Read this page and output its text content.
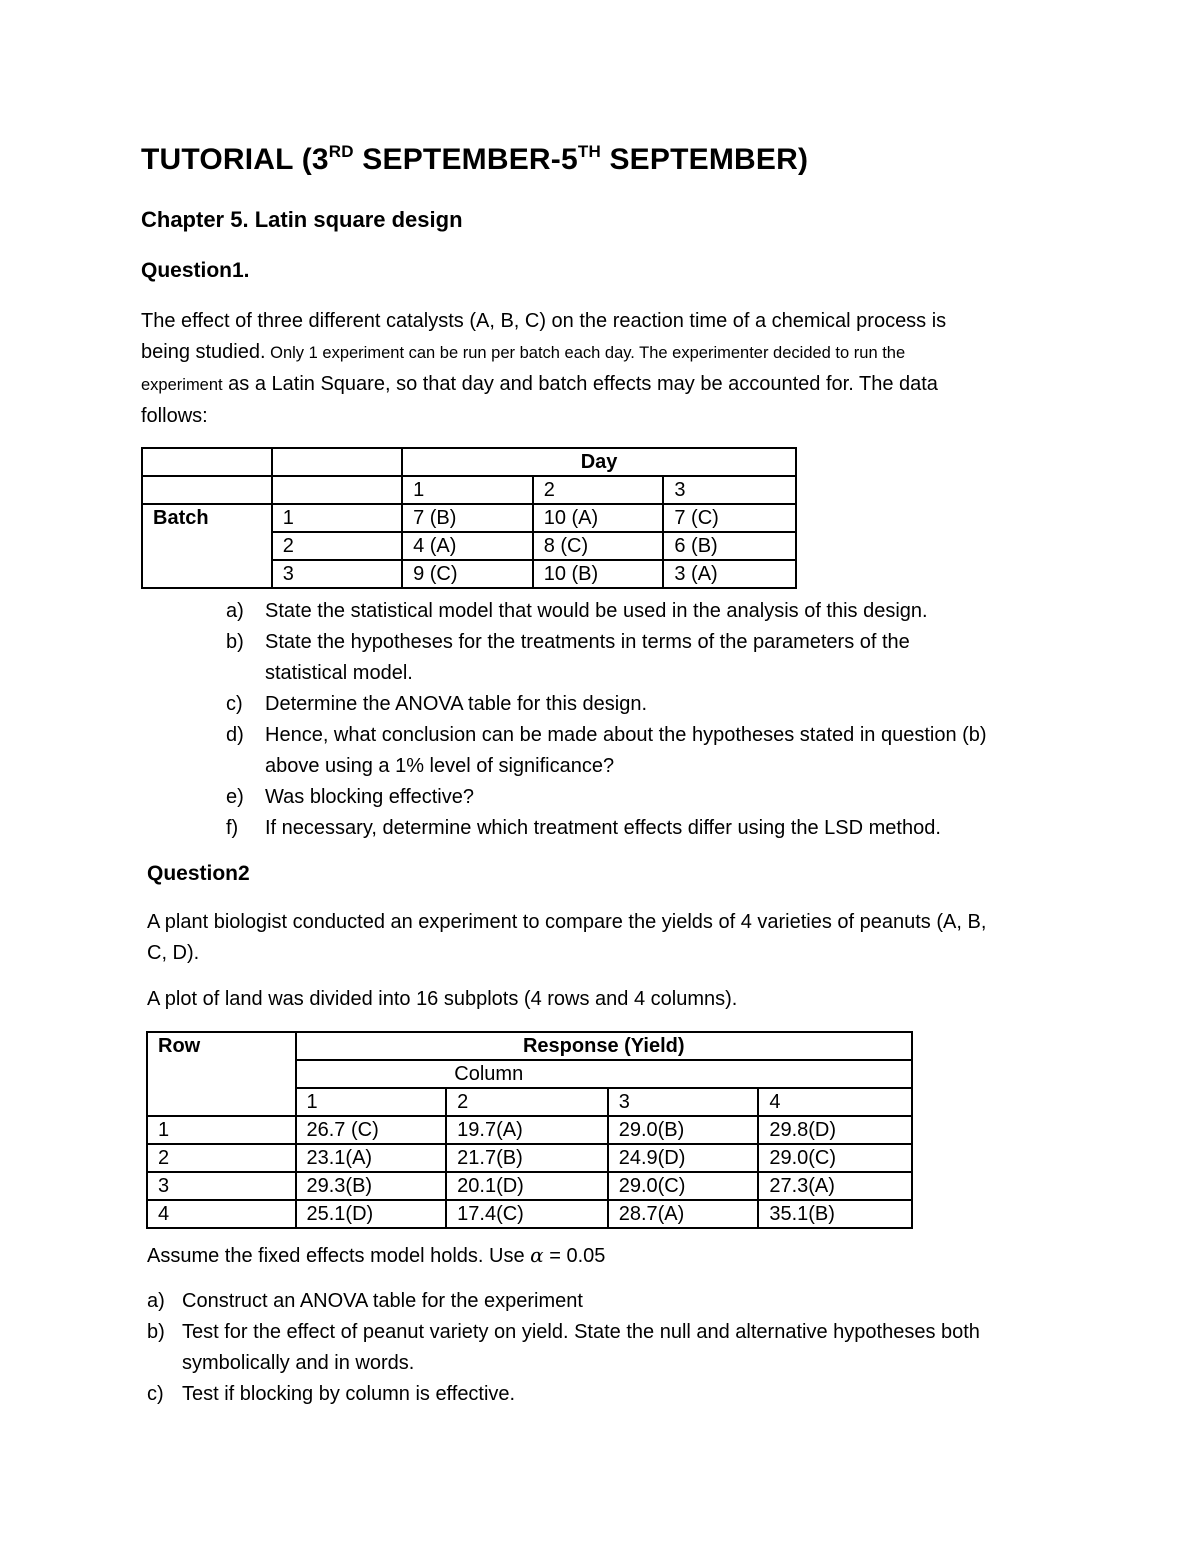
TUTORIAL (3RD SEPTEMBER-5TH SEPTEMBER)
Chapter 5. Latin square design
Question1.
The effect of three different catalysts (A, B, C) on the reaction time of a chemical process is
being studied. Only 1 experiment can be run per batch each day. The experimenter decided to run the
experiment as a Latin Square, so that day and batch effects may be accounted for. The data
follows:
		Day		
		1	2	3
Batch	1	7 (B)	10 (A)	7 (C)
	2	4 (A)	8 (C)	6 (B)
	3	9 (C)	10 (B)	3 (A)
a) State the statistical model that would be used in the analysis of this design.
b) State the hypotheses for the treatments in terms of the parameters of the
statistical model.
c) Determine the ANOVA table for this design.
d) Hence, what conclusion can be made about the hypotheses stated in question (b)
above using a 1% level of significance?
e) Was blocking effective?
f) If necessary, determine which treatment effects differ using the LSD method.
Question2
A plant biologist conducted an experiment to compare the yields of 4 varieties of peanuts (A, B,
C, D).
A plot of land was divided into 16 subplots (4 rows and 4 columns).
Row	Response (Yield)			
	Column			
	1	2	3	4
1	26.7 (C)	19.7(A)	29.0(B)	29.8(D)
2	23.1(A)	21.7(B)	24.9(D)	29.0(C)
3	29.3(B)	20.1(D)	29.0(C)	27.3(A)
4	25.1(D)	17.4(C)	28.7(A)	35.1(B)
Assume the fixed effects model holds. Use α = 0.05
a) Construct an ANOVA table for the experiment
b) Test for the effect of peanut variety on yield. State the null and alternative hypotheses both
symbolically and in words.
c) Test if blocking by column is effective.
